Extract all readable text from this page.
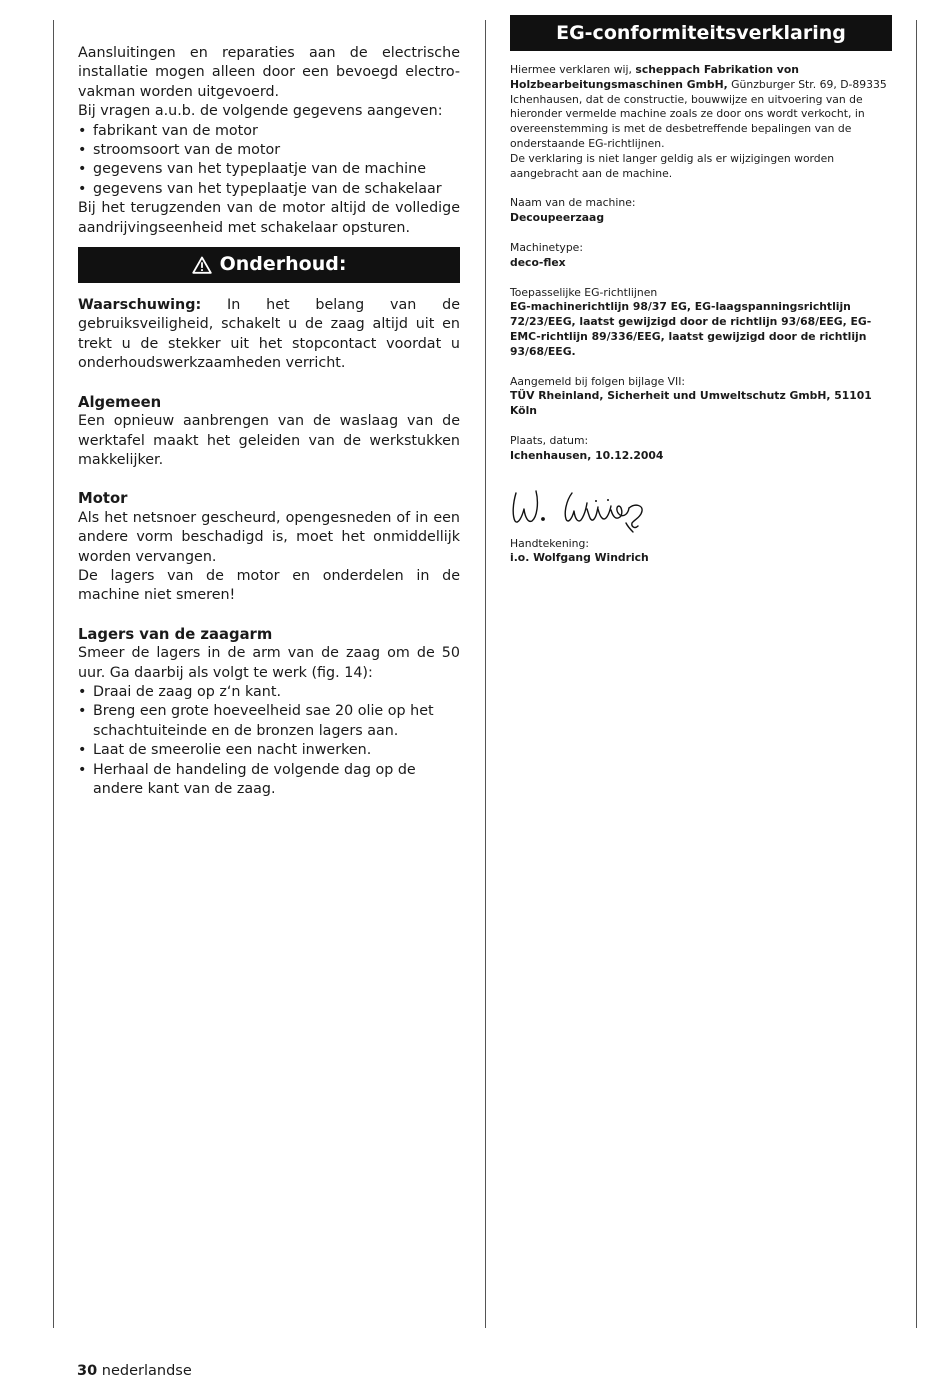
Aansluitingen en reparaties aan de electrische installatie mogen alleen door een bevoegd electro-vakman worden uitgevoerd.

Bij vragen a.u.b. de volgende gegevens aangeven:

• fabrikant van de motor
• stroomsoort van de motor
• gegevens van het typeplaatje van de machine
• gegevens van het typeplaatje van de schakelaar

Bij het terugzenden van de motor altijd de volledige aandrijvingseenheid met schakelaar opsturen.

Onderhoud:

Waarschuwing: In het belang van de gebruiksveiligheid, schakelt u de zaag altijd uit en trekt u de stekker uit het stopcontact voordat u onderhoudswerkzaamheden verricht.

Algemeen

Een opnieuw aanbrengen van de waslaag van de werktafel maakt het geleiden van de werkstukken makkelijker.

Motor

Als het netsnoer gescheurd, opengesneden of in een andere vorm beschadigd is, moet het onmiddellijk worden vervangen.

De lagers van de motor en onderdelen in de machine niet smeren!

Lagers van de zaagarm

Smeer de lagers in de arm van de zaag om de 50 uur. Ga daarbij als volgt te werk (fig. 14):

• Draai de zaag op z‘n kant.
• Breng een grote hoeveelheid sae 20 olie op het schachtuiteinde en de bronzen lagers aan.
• Laat de smeerolie een nacht inwerken.
• Herhaal de handeling de volgende dag op de andere kant van de zaag.
EG-conformiteitsverklaring
Hiermee verklaren wij, scheppach Fabrikation von Holzbearbeitungsmaschinen GmbH, Günzburger Str. 69, D-89335 Ichenhausen, dat de constructie, bouwwijze en uitvoering van de hieronder vermelde machine zoals ze door ons wordt verkocht, in overeenstemming is met de desbetreffende bepalingen van de onderstaande EG-richtlijnen.
De verklaring is niet langer geldig als er wijzigingen worden aangebracht aan de machine.
Naam van de machine:
Decoupeerzaag
Machinetype:
deco-flex
Toepasselijke EG-richtlijnen
EG-machinerichtlijn 98/37 EG, EG-laagspanningsrichtlijn 72/23/EEG, laatst gewijzigd door de richtlijn 93/68/EEG, EG-EMC-richtlijn 89/336/EEG, laatst gewijzigd door de richtlijn 93/68/EEG.
Aangemeld bij folgen bijlage VII:
TÜV Rheinland, Sicherheit und Umweltschutz GmbH, 51101 Köln
Plaats, datum:
Ichenhausen, 10.12.2004
Handtekening:
i.o. Wolfgang Windrich
30 nederlandse
